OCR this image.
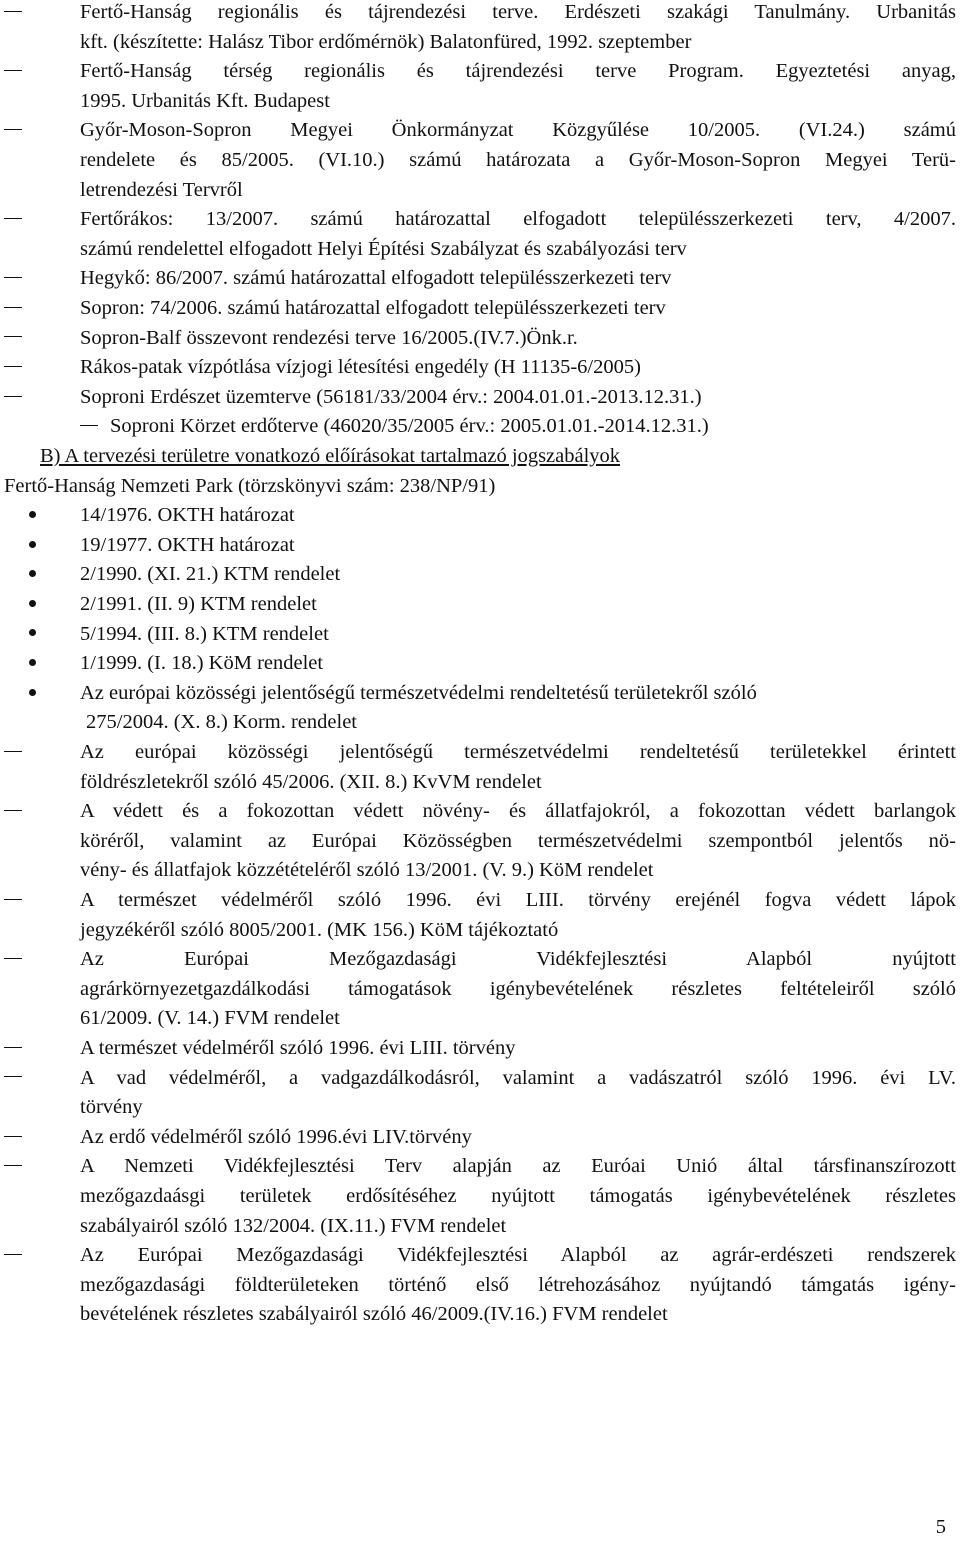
Fertő-Hanság regionális és tájrendezési terve. Erdészeti szakági Tanulmány. Urbanitás
kft. (készítette: Halász Tibor erdőmérnök) Balatonfüred, 1992. szeptember
Fertő-Hanság térség regionális és tájrendezési terve Program. Egyeztetési anyag,
1995. Urbanitás Kft. Budapest
Győr-Moson-Sopron Megyei Önkormányzat Közgyűlése 10/2005. (VI.24.) számú
rendelete és 85/2005. (VI.10.) számú határozata a Győr-Moson-Sopron Megyei Terü-
letrendezési Tervről
Fertőrákos: 13/2007. számú határozattal elfogadott településszerkezeti terv, 4/2007.
számú rendelettel elfogadott Helyi Építési Szabályzat és szabályozási terv
Hegykő: 86/2007. számú határozattal elfogadott településszerkezeti terv
Sopron: 74/2006. számú határozattal elfogadott településszerkezeti terv
Sopron-Balf összevont rendezési terve 16/2005.(IV.7.)Önk.r.
Rákos-patak vízpótlása vízjogi létesítési engedély (H 11135-6/2005)
Soproni Erdészet üzemterve (56181/33/2004 érv.: 2004.01.01.-2013.12.31.)
Soproni Körzet erdőterve (46020/35/2005 érv.: 2005.01.01.-2014.12.31.)
B) A tervezési területre vonatkozó előírásokat tartalmazó jogszabályok
Fertő-Hanság Nemzeti Park (törzskönyvi szám: 238/NP/91)
14/1976. OKTH határozat
19/1977. OKTH határozat
2/1990. (XI. 21.) KTM rendelet
2/1991. (II. 9) KTM rendelet
5/1994. (III. 8.) KTM rendelet
1/1999. (I. 18.) KöM rendelet
Az európai közösségi jelentőségű természetvédelmi rendeltetésű területekről szóló
275/2004. (X. 8.) Korm. rendelet
Az európai közösségi jelentőségű természetvédelmi rendeltetésű területekkel érintett
földrészletekről szóló 45/2006. (XII. 8.) KvVM rendelet
A védett és a fokozottan védett növény- és állatfajokról, a fokozottan védett barlangok
köréről, valamint az Európai Közösségben természetvédelmi szempontból jelentős nö-
vény- és állatfajok közzétételéről szóló 13/2001. (V. 9.) KöM rendelet
A természet védelméről szóló 1996. évi LIII. törvény erejénél fogva védett lápok
jegyzékéről szóló 8005/2001. (MK 156.) KöM tájékoztató
Az Európai Mezőgazdasági Vidékfejlesztési Alapból nyújtott
agrárkörnyezetgazdálkodási támogatások igénybevételének részletes feltételeiről szóló
61/2009. (V. 14.) FVM rendelet
A természet védelméről szóló 1996. évi LIII. törvény
A vad védelméről, a vadgazdálkodásról, valamint a vadászatról szóló 1996. évi LV.
törvény
Az erdő védelméről szóló 1996.évi LIV.törvény
A Nemzeti Vidékfejlesztési Terv alapján az Euróai Unió által társfinanszírozott
mezőgazdaásgi területek erdősítéséhez nyújtott támogatás igénybevételének részletes
szabályairól szóló 132/2004. (IX.11.) FVM rendelet
Az Európai Mezőgazdasági Vidékfejlesztési Alapból az agrár-erdészeti rendszerek
mezőgazdasági földterületeken történő első létrehozásához nyújtandó támgatás igény-
bevételének részletes szabályairól szóló 46/2009.(IV.16.) FVM rendelet
5
